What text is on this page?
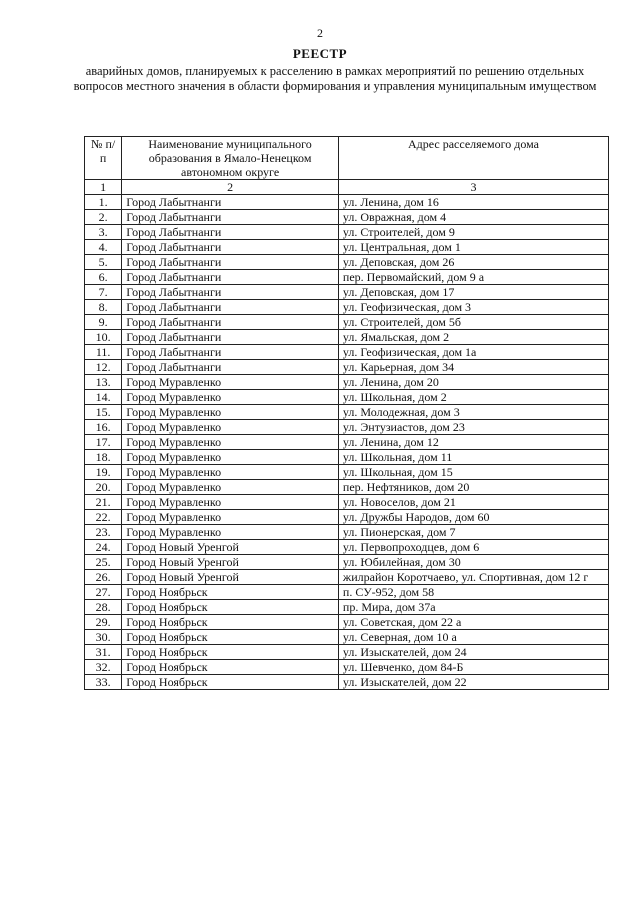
2
РЕЕСТР
аварийных домов, планируемых к расселению в рамках мероприятий по решению отдельных вопросов местного значения в области формирования и управления муниципальным имуществом
№ п/п	Наименование муниципального образования в Ямало-Ненецком автономном округе	Адрес расселяемого дома
1	2	3
1.	Город Лабытнанги	ул. Ленина, дом 16
2.	Город Лабытнанги	ул. Овражная, дом 4
3.	Город Лабытнанги	ул. Строителей, дом 9
4.	Город Лабытнанги	ул. Центральная, дом 1
5.	Город Лабытнанги	ул. Деповская, дом 26
6.	Город Лабытнанги	пер. Первомайский, дом 9 а
7.	Город Лабытнанги	ул. Деповская, дом 17
8.	Город Лабытнанги	ул. Геофизическая, дом 3
9.	Город Лабытнанги	ул. Строителей, дом 5б
10.	Город Лабытнанги	ул. Ямальская, дом 2
11.	Город Лабытнанги	ул. Геофизическая, дом 1а
12.	Город Лабытнанги	ул. Карьерная, дом 34
13.	Город Муравленко	ул. Ленина, дом 20
14.	Город Муравленко	ул. Школьная, дом 2
15.	Город Муравленко	ул. Молодежная, дом 3
16.	Город Муравленко	ул. Энтузиастов, дом 23
17.	Город Муравленко	ул. Ленина, дом 12
18.	Город Муравленко	ул. Школьная, дом 11
19.	Город Муравленко	ул. Школьная, дом 15
20.	Город Муравленко	пер. Нефтяников, дом 20
21.	Город Муравленко	ул. Новоселов, дом 21
22.	Город Муравленко	ул. Дружбы Народов, дом 60
23.	Город Муравленко	ул. Пионерская, дом 7
24.	Город Новый Уренгой	ул. Первопроходцев, дом 6
25.	Город Новый Уренгой	ул. Юбилейная, дом 30
26.	Город Новый Уренгой	жилрайон Коротчаево, ул. Спортивная, дом 12 г
27.	Город Ноябрьск	п. СУ-952, дом 58
28.	Город Ноябрьск	пр. Мира, дом 37а
29.	Город Ноябрьск	ул. Советская, дом 22 а
30.	Город Ноябрьск	ул. Северная, дом 10 а
31.	Город Ноябрьск	ул. Изыскателей, дом 24
32.	Город Ноябрьск	ул. Шевченко, дом 84-Б
33.	Город Ноябрьск	ул. Изыскателей, дом 22
